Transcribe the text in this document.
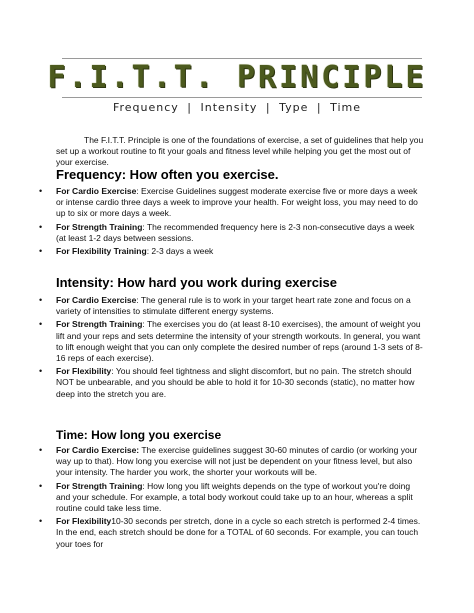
F.I.T.T. PRINCIPLE
Frequency | Intensity | Type | Time

The F.I.T.T. Principle is one of the foundations of exercise, a set of guidelines that help you set up a workout routine to fit your goals and fitness level while helping you get the most out of your exercise.

Frequency: How often you exercise.
• For Cardio Exercise: Exercise Guidelines suggest moderate exercise five or more days a week or intense cardio three days a week to improve your health. For weight loss, you may need to do up to six or more days a week.
• For Strength Training: The recommended frequency here is 2-3 non-consecutive days a week (at least 1-2 days between sessions.
• For Flexibility Training: 2-3 days a week
Intensity: How hard you work during exercise
• For Cardio Exercise: The general rule is to work in your target heart rate zone and focus on a variety of intensities to stimulate different energy systems.
• For Strength Training: The exercises you do (at least 8-10 exercises), the amount of weight you lift and your reps and sets determine the intensity of your strength workouts. In general, you want to lift enough weight that you can only complete the desired number of reps (around 1-3 sets of 8-16 reps of each exercise).
• For Flexibility: You should feel tightness and slight discomfort, but no pain. The stretch should NOT be unbearable, and you should be able to hold it for 10-30 seconds (static), no matter how deep into the stretch you are.
Time: How long you exercise
• For Cardio Exercise: The exercise guidelines suggest 30-60 minutes of cardio (or working your way up to that). How long you exercise will not just be dependent on your fitness level, but also your intensity. The harder you work, the shorter your workouts will be.
• For Strength Training: How long you lift weights depends on the type of workout you're doing and your schedule. For example, a total body workout could take up to an hour, whereas a split routine could take less time.
• For Flexibility10-30 seconds per stretch, done in a cycle so each stretch is performed 2-4 times. In the end, each stretch should be done for a TOTAL of 60 seconds. For example, you can touch your toes for
